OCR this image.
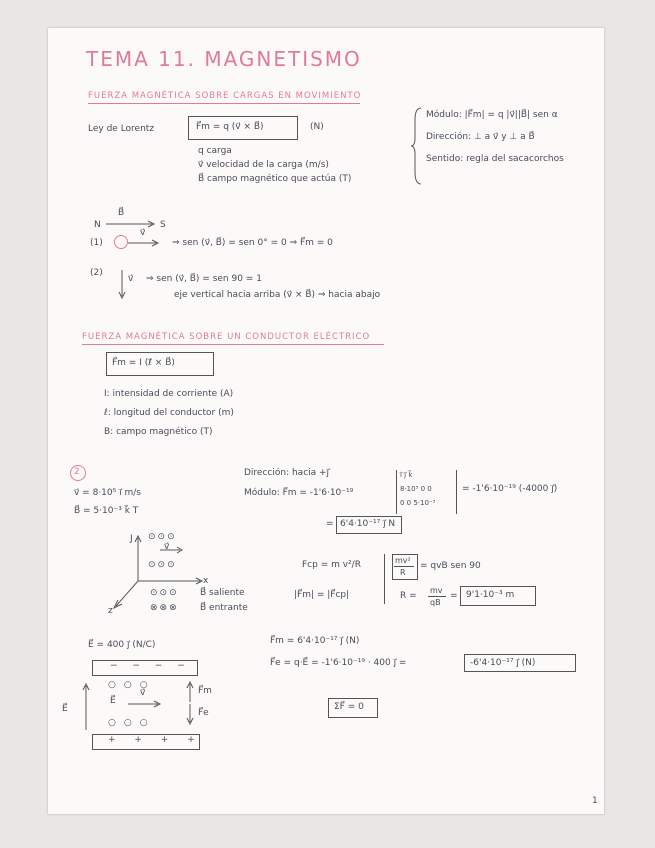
TEMA 11. MAGNETISMO
FUERZA MAGNÉTICA SOBRE CARGAS EN MOVIMIENTO
Ley de Lorentz	F⃗m = q (v⃗ × B⃗)	(N)
q carga
v⃗ velocidad de la carga (m/s)
B⃗ campo magnético que actúa (T)
Módulo: |F⃗m| = q |v⃗||B⃗| sen α
Dirección: ⊥ a v⃗ y ⊥ a B⃗
Sentido: regla del sacacorchos
N
B⃗
S
(1)
v⃗
⇒ sen (v⃗, B⃗) = sen 0° = 0 ⇒ F⃗m = 0
(2)
v⃗ ⇒ sen (v⃗, B⃗) = sen 90 = 1
eje vertical hacia arriba (v⃗ × B⃗) ⇒ hacia abajo
FUERZA MAGNÉTICA SOBRE UN CONDUCTOR ELÉCTRICO
F⃗m = I (ℓ⃗ × B⃗)
I: intensidad de corriente (A)
ℓ: longitud del conductor (m)
B: campo magnético (T)
2
v⃗ = 8·10⁵ i⃗ m/s
B⃗ = 5·10⁻³ k⃗ T
Dirección: hacia +j⃗
Módulo: F⃗m = -1'6·10⁻¹⁹
i⃗ j⃗ k⃗
8·10⁵ 0 0
0 0 5·10⁻³
= -1'6·10⁻¹⁹ (-4000 j⃗)
= 6'4·10⁻¹⁷ j⃗ N
J
x
z
⊙⊙⊙
v⃗
⊙⊙⊙
⊙⊙⊙
⊗⊗⊗
B⃗ saliente
B⃗ entrante
Fcp = m v²/R
|F⃗m| = |F⃗cp|
mv²
R
= qvB sen 90
R =
mv
qB
= 9'1·10⁻³ m
E⃗ = 400 j⃗ (N/C)
− − − −
E⃗
○○○
E⃗
v⃗
○○○
F⃗m
F⃗e
+ + + +
F⃗m = 6'4·10⁻¹⁷ j⃗ (N)
F⃗e = q·E⃗ = -1'6·10⁻¹⁹ · 400 j⃗ =	-6'4·10⁻¹⁷ j⃗ (N)
ΣF⃗ = 0
1
